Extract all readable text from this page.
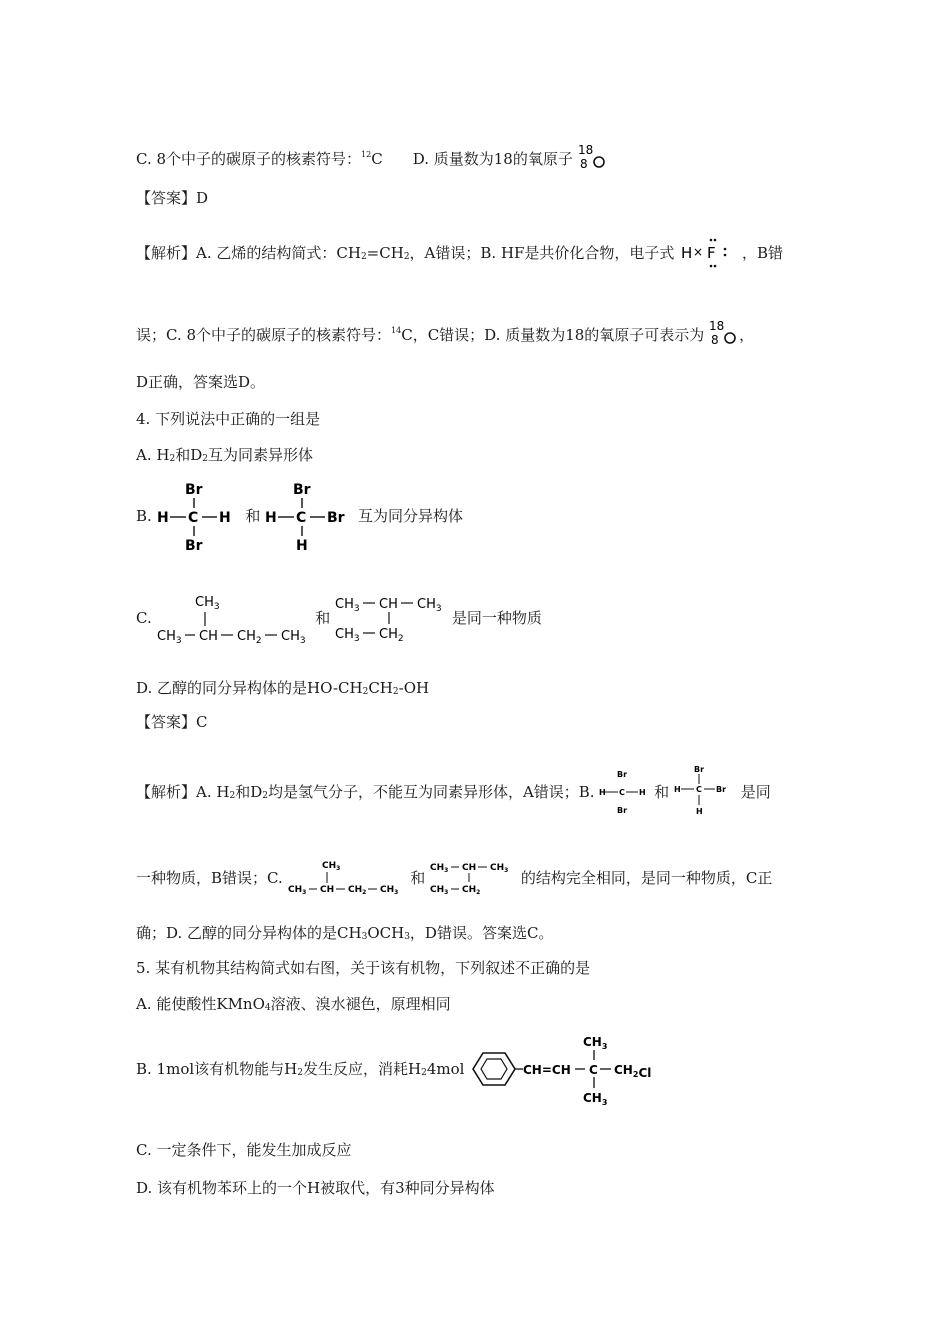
C. 8个中子的碳原子的核素符号：$^{12}$C D. 质量数为18的氧原子 18
8
【答案】D
【解析】A. 乙烯的结构简式：$CH_2=CH_2$，A错误；B. HF是共价化合物，电子式 H × F ，B错
误；C. 8个中子的碳原子的核素符号：$^{14}$C，C错误；D. 质量数为18的氧原子可表示为 18
8 ，
D正确，答案选D。
4. 下列说法中正确的一组是
A. $H_2$和$D_2$互为同素异形体
B.
Br
H C H
Br
和
Br
H C Br
H
互为同分异构体
C.
$CH_3$
$CH_3$ CH $CH_2$ $CH_3$
和
$CH_3$ CH $CH_3$
$CH_3$ $CH_2$
是同一种物质
D. 乙醇的同分异构体的是$HO-CH_2CH_2-OH$
【答案】C
【解析】A. $H_2$和$D_2$均是氢气分子，不能互为同素异形体，A错误；B.
Br
H C H
Br
和
Br
H C Br
H
是同
一种物质，B错误；C.
$CH_3$
$CH_3$ CH $CH_2$ $CH_3$
和
$CH_3$ CH $CH_3$
$CH_3$ $CH_2$
的结构完全相同，是同一种物质，C正
确；D. 乙醇的同分异构体的是$CH_3OCH_3$，D错误。答案选C。
5. 某有机物其结构简式如右图，关于该有机物，下列叙述不正确的是
A. 能使酸性KMnO$_4$溶液、溴水褪色，原理相同
B. 1mol该有机物能与$H_2$发生反应，消耗$H_24mol$	CH=CH
$CH_3$
C $CH_2Cl$
$CH_3$
C. 一定条件下，能发生加成反应
D. 该有机物苯环上的一个H被取代，有3种同分异构体
